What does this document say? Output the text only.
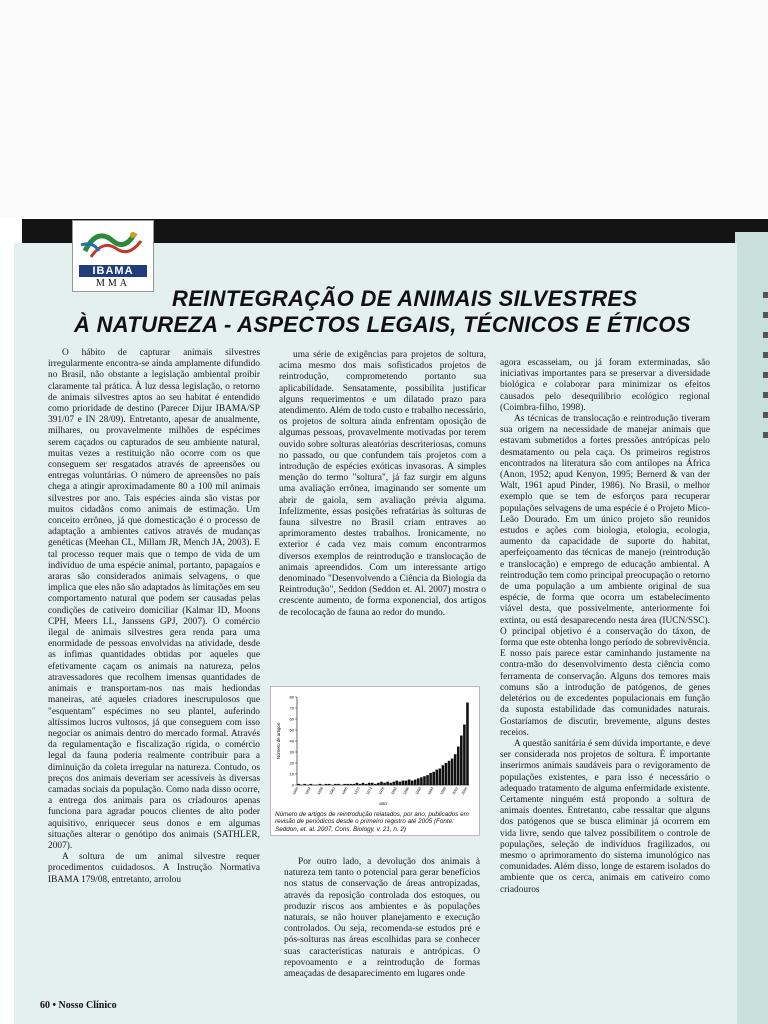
IBAMA
MMA
REINTEGRAÇÃO DE ANIMAIS SILVESTRES
À NATUREZA - ASPECTOS LEGAIS, TÉCNICOS E ÉTICOS

O hábito de capturar animais silvestres irregularmente encontra-se ainda amplamente difundido no Brasil, não obstante a legislação ambiental proibir claramente tal prática. À luz dessa legislação, o retorno de animais silvestres aptos ao seu habitat é entendido como prioridade de destino (Parecer Dijur IBAMA/SP 391/07 e IN 28/09). Entretanto, apesar de anualmente, milhares, ou provavelmente milhões de espécimes serem caçados ou capturados de seu ambiente natural, muitas vezes a restituição não ocorre com os que conseguem ser resgatados através de apreensões ou entregas voluntárias. O número de apreensões no país chega a atingir aproximadamente 80 a 100 mil animais silvestres por ano. Tais espécies ainda são vistas por muitos cidadãos como animais de estimação. Um conceito errôneo, já que domesticação é o processo de adaptação a ambientes cativos através de mudanças genéticas (Meehan CL, Millam JR, Mench JA, 2003). E tal processo requer mais que o tempo de vida de um indivíduo de uma espécie animal, portanto, papagaios e araras são considerados animais selvagens, o que implica que eles não são adaptados às limitações em seu comportamento natural que podem ser causadas pelas condições de cativeiro domiciliar (Kalmar ID, Moons CPH, Meers LL, Janssens GPJ, 2007). O comércio ilegal de animais silvestres gera renda para uma enormidade de pessoas envolvidas na atividade, desde as ínfimas quantidades obtidas por aqueles que efetivamente caçam os animais na natureza, pelos atravessadores que recolhem imensas quantidades de animais e transportam-nos nas mais hediondas maneiras, até aqueles criadores inescrupulosos que "esquentam" espécimes no seu plantel, auferindo altíssimos lucros vultosos, já que conseguem com isso negociar os animais dentro do mercado formal. Através da regulamentação e fiscalização rígida, o comércio legal da fauna poderia realmente contribuir para a diminuição da coleta irregular na natureza. Contudo, os preços dos animais deveriam ser acessíveis às diversas camadas sociais da população. Como nada disso ocorre, a entrega dos animais para os criadouros apenas funciona para agradar poucos clientes de alto poder aquisitivo, enriquecer seus donos e em algumas situações alterar o genótipo dos animais (SATHLER, 2007).

A soltura de um animal silvestre requer procedimentos cuidadosos. A Instrução Normativa IBAMA 179/08, entretanto, arrolou

uma série de exigências para projetos de soltura, acima mesmo dos mais sofisticados projetos de reintrodução, comprometendo portanto sua aplicabilidade. Sensatamente, possibilita justificar alguns requerimentos e um dilatado prazo para atendimento. Além de todo custo e trabalho necessário, os projetos de soltura ainda enfrentam oposição de algumas pessoas, provavelmente motivadas por terem ouvido sobre solturas aleatórias descriteriosas, comuns no passado, ou que confundem tais projetos com a introdução de espécies exóticas invasoras. A simples menção do termo "soltura", já faz surgir em alguns uma avaliação errônea, imaginando ser somente um abrir de gaiola, sem avaliação prévia alguma. Infelizmente, essas posições refratárias às solturas de fauna silvestre no Brasil criam entraves ao aprimoramento destes trabalhos. Ironicamente, no exterior é cada vez mais comum encontrarmos diversos exemplos de reintrodução e translocação de animais apreendidos. Com um interessante artigo denominado "Desenvolvendo a Ciência da Biologia da Reintrodução", Seddon (Seddon et. Al. 2007) mostra o crescente aumento, de forma exponencial, dos artigos de recolocação de fauna ao redor do mundo.

0
10
20
30
40
50
60
70
80
1950 1954 1958 1962 1966 1970 1974 1978 1982 1986 1990 1994 1998 2002 2005
ano
Número de artigos
Número de artigos de reintrodução relatados, por ano, publicados em revisão de periódicos desde o primeiro registro até 2005 (Fonte: Seddon, et. al. 2007, Cons. Biology, v. 21, n. 2)

Por outro lado, a devolução dos animais à natureza tem tanto o potencial para gerar benefícios nos status de conservação de áreas antropizadas, através da reposição controlada dos estoques, ou produzir riscos aos ambientes e às populações naturais, se não houver planejamento e execução controlados. Ou seja, recomenda-se estudos pré e pós-solturas nas áreas escolhidas para se conhecer suas características naturais e antrópicas. O repovoamento e a reintrodução de formas ameaçadas de desaparecimento em lugares onde

agora escasseiam, ou já foram exterminadas, são iniciativas importantes para se preservar a diversidade biológica e colaborar para minimizar os efeitos causados pelo desequilíbrio ecológico regional (Coimbra-filho, 1998).

As técnicas de translocação e reintrodução tiveram sua origem na necessidade de manejar animais que estavam submetidos a fortes pressões antrópicas pelo desmatamento ou pela caça. Os primeiros registros encontrados na literatura são com antílopes na África (Anon, 1952; apud Kenyon, 1995; Bernerd & van der Walt, 1961 apud Pinder, 1986). No Brasil, o melhor exemplo que se tem de esforços para recuperar populações selvagens de uma espécie é o Projeto Mico-Leão Dourado. Em um único projeto são reunidos estudos e ações com biologia, etologia, ecologia, aumento da capacidade de suporte do habitat, aperfeiçoamento das técnicas de manejo (reintrodução e translocação) e emprego de educação ambiental. A reintrodução tem como principal preocupação o retorno de uma população a um ambiente original de sua espécie, de forma que ocorra um estabelecimento viável desta, que possivelmente, anteriormente foi extinta, ou está desaparecendo nesta área (IUCN/SSC). O principal objetivo é a conservação do táxon, de forma que este obtenha longo período de sobrevivência. E nosso país parece estar caminhando justamente na contra-mão do desenvolvimento desta ciência como ferramenta de conservação. Alguns dos temores mais comuns são a introdução de patógenos, de genes deletérios ou de excedentes populacionais em função da suposta estabilidade das comunidades naturais. Gostaríamos de discutir, brevemente, alguns destes receios.

A questão sanitária é sem dúvida importante, e deve ser considerada nos projetos de soltura. É importante inserirmos animais saudáveis para o revigoramento de populações existentes, e para isso é necessário o adequado tratamento de alguma enfermidade existente. Certamente ninguém está propondo a soltura de animais doentes. Entretanto, cabe ressaltar que alguns dos patógenos que se busca eliminar já ocorrem em vida livre, sendo que talvez possibilitem o controle de populações, seleção de indivíduos fragilizados, ou mesmo o aprimoramento do sistema imunológico nas comunidades. Além disso, longe de estarem isolados do ambiente que os cerca, animais em cativeiro como criadouros

60 • Nosso Clínico
